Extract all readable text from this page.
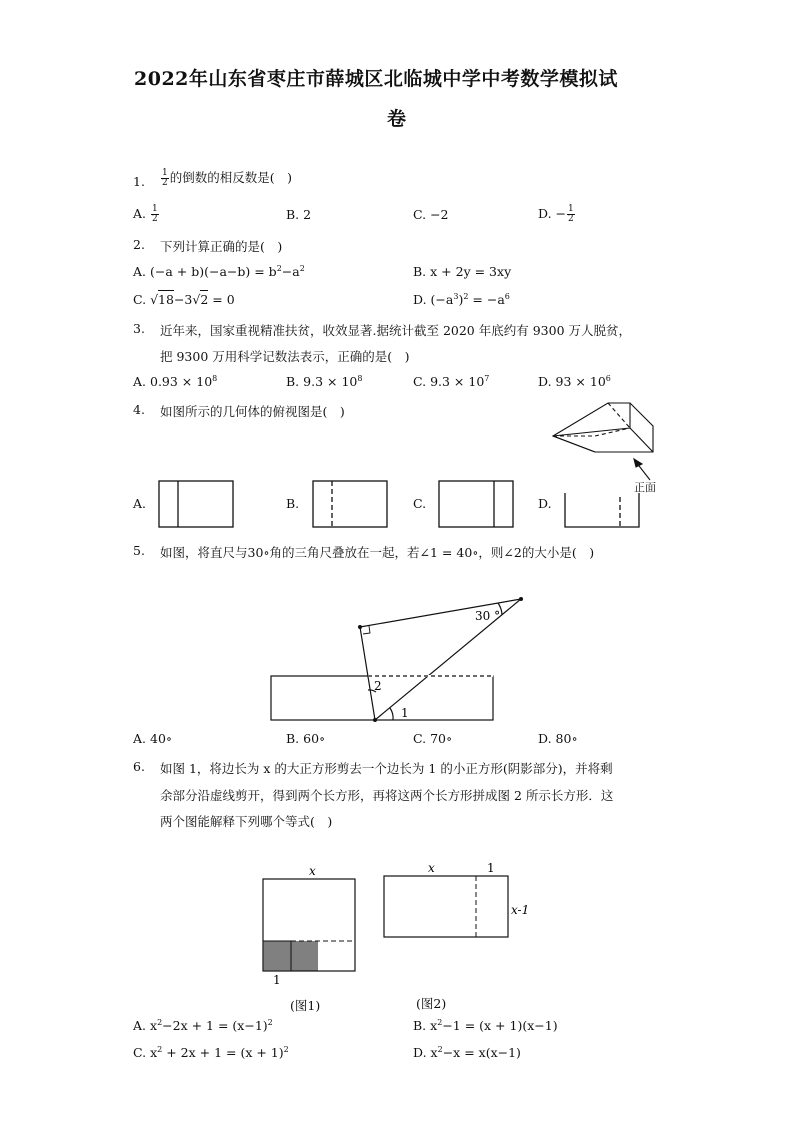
2022年山东省枣庄市薛城区北临城中学中考数学模拟试
卷
1. $\frac{1}{2}$ 的倒数的相反数是( )
A. $\frac{1}{2}$	B. 2	C. −2	D. − $\frac{1}{2}$
2. 下列计算正确的是( )
A. $(-a + b)(-a-b) = b^2-a^2$	B. x + 2y = 3xy
C. √18−3√2 = 0	D. $(-a^3)^2 = -a^6$
3. 近年来，国家重视精准扶贫，收效显著.据统计截至 2020 年底约有 9300 万人脱贫，
把 9300 万用科学记数法表示，正确的是( )
A. $0.93 \times 10^8$	B. $9.3 \times 10^8$	C. $9.3 \times 10^7$	D. $93 \times 10^6$
4. 如图所示的几何体的俯视图是( )
正面
A.	B.	C.	D.
5. 如图，将直尺与30∘角的三角尺叠放在一起，若∠1 = 40∘，则∠2的大小是( )
30 °
1
2
A. 40∘	B. 60∘	C. 70∘	D. 80∘
6. 如图 1，将边长为 x 的大正方形剪去一个边长为 1 的小正方形(阴影部分)，并将剩
余部分沿虚线剪开，得到两个长方形，再将这两个长方形拼成图 2 所示长方形．这
两个图能解释下列哪个等式( )
x
1
(图1)
x	1
x-1
(图2)
A. $x^2-2x + 1 = (x-1)^2$	B. $x^2-1 = (x + 1)(x-1)$
C. $x^2 + 2x + 1 = (x + 1)^2$	D. $x^2-x = x(x-1)$
